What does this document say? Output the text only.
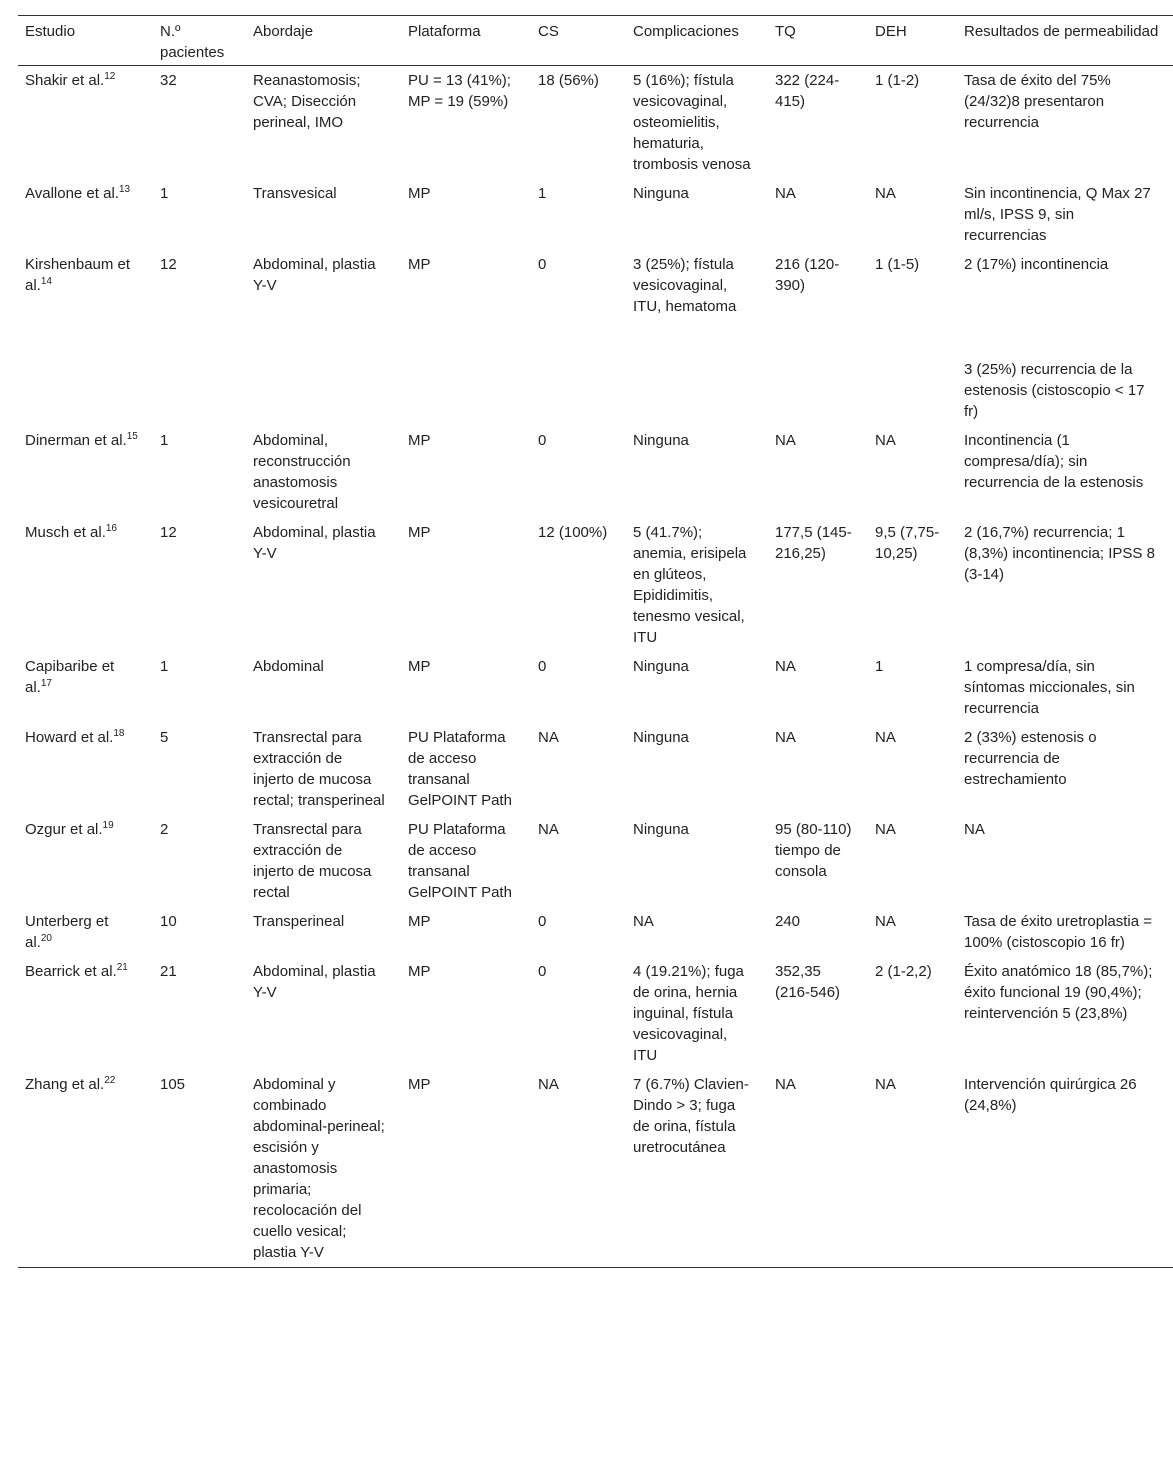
Estudio	N.º pacientes	Abordaje	Plataforma	CS	Complicaciones	TQ	DEH	Resultados de permeabilidad
Shakir et al.$^{12}$	32	Reanastomosis; CVA; Disección perineal, IMO	PU = 13 (41%); MP = 19 (59%)	18 (56%)	5 (16%); fístula vesicovaginal, osteomielitis, hematuria, trombosis venosa	322 (224-415)	1 (1-2)	Tasa de éxito del 75% (24/32)8 presentaron recurrencia
Avallone et al.$^{13}$	1	Transvesical	MP	1	Ninguna	NA	NA	Sin incontinencia, Q Max 27 ml/s, IPSS 9, sin recurrencias
Kirshenbaum et al.$^{14}$	12	Abdominal, plastia Y-V	MP	0	3 (25%); fístula vesicovaginal, ITU, hematoma	216 (120-390)	1 (1-5)	2 (17%) incontinencia
3 (25%) recurrencia de la estenosis (cistoscopio < 17 fr)
Dinerman et al.$^{15}$	1	Abdominal, reconstrucción anastomosis vesicouretral	MP	0	Ninguna	NA	NA	Incontinencia (1 compresa/día); sin recurrencia de la estenosis
Musch et al.$^{16}$	12	Abdominal, plastia Y-V	MP	12 (100%)	5 (41.7%); anemia, erisipela en glúteos, Epididimitis, tenesmo vesical, ITU	177,5 (145-216,25)	9,5 (7,75-10,25)	2 (16,7%) recurrencia; 1 (8,3%) incontinencia; IPSS 8 (3-14)
Capibaribe et al.$^{17}$	1	Abdominal	MP	0	Ninguna	NA	1	1 compresa/día, sin síntomas miccionales, sin recurrencia
Howard et al.$^{18}$	5	Transrectal para extracción de injerto de mucosa rectal; transperineal	PU Plataforma de acceso transanal GelPOINT Path	NA	Ninguna	NA	NA	2 (33%) estenosis o recurrencia de estrechamiento
Ozgur et al.$^{19}$	2	Transrectal para extracción de injerto de mucosa rectal	PU Plataforma de acceso transanal GelPOINT Path	NA	Ninguna	95 (80-110) tiempo de consola	NA	NA
Unterberg et al.$^{20}$	10	Transperineal	MP	0	NA	240	NA	Tasa de éxito uretroplastia = 100% (cistoscopio 16 fr)
Bearrick et al.$^{21}$	21	Abdominal, plastia Y-V	MP	0	4 (19.21%); fuga de orina, hernia inguinal, fístula vesicovaginal, ITU	352,35 (216-546)	2 (1-2,2)	Éxito anatómico 18 (85,7%); éxito funcional 19 (90,4%); reintervención 5 (23,8%)
Zhang et al.$^{22}$	105	Abdominal y combinado abdominal-perineal; escisión y anastomosis primaria; recolocación del cuello vesical; plastia Y-V	MP	NA	7 (6.7%) Clavien-Dindo > 3; fuga de orina, fístula uretrocutánea	NA	NA	Intervención quirúrgica 26 (24,8%)
